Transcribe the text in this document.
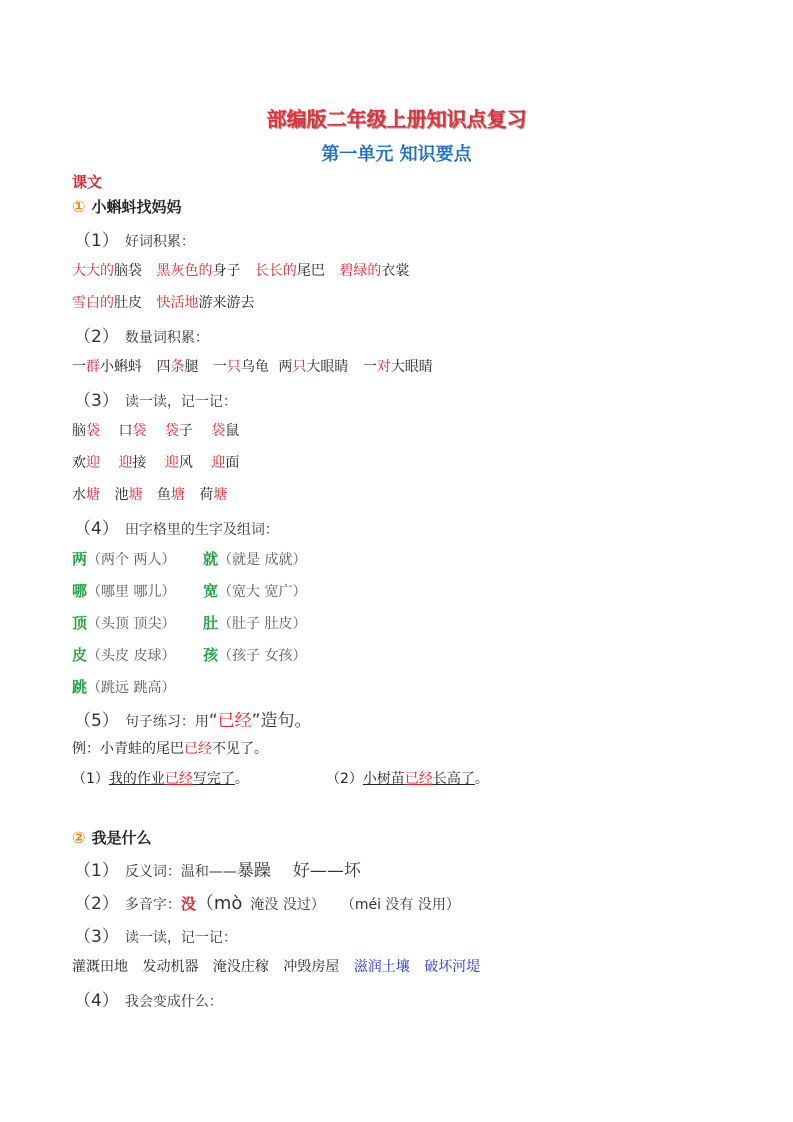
部编版二年级上册知识点复习
第一单元 知识要点
课文
① 小蝌蚪找妈妈
（1） 好词积累：
大大的脑袋 黑灰色的身子 长长的尾巴 碧绿的衣裳
雪白的肚皮 快活地游来游去
（2） 数量词积累：
一群小蝌蚪 四条腿 一只乌龟 两只大眼睛 一对大眼睛
（3） 读一读，记一记：
脑袋 口袋 袋子 袋鼠
欢迎 迎接 迎风 迎面
水塘 池塘 鱼塘 荷塘
（4） 田字格里的生字及组词：
两（两个 两人） 就（就是 成就）
哪（哪里 哪儿） 宽（宽大 宽广）
顶（头顶 顶尖） 肚（肚子 肚皮）
皮（头皮 皮球） 孩（孩子 女孩）
跳（跳远 跳高）
（5） 句子练习：用“已经”造句。
例：小青蛙的尾巴已经不见了。
（1）我的作业已经写完了。	（2）小树苗已经长高了。
② 我是什么
（1） 反义词：温和——暴躁 好——坏
（2） 多音字：没（mò 淹没 没过） （méi 没有 没用）
（3） 读一读，记一记：
灌溉田地 发动机器 淹没庄稼 冲毁房屋 滋润土壤 破坏河堤
（4） 我会变成什么：
